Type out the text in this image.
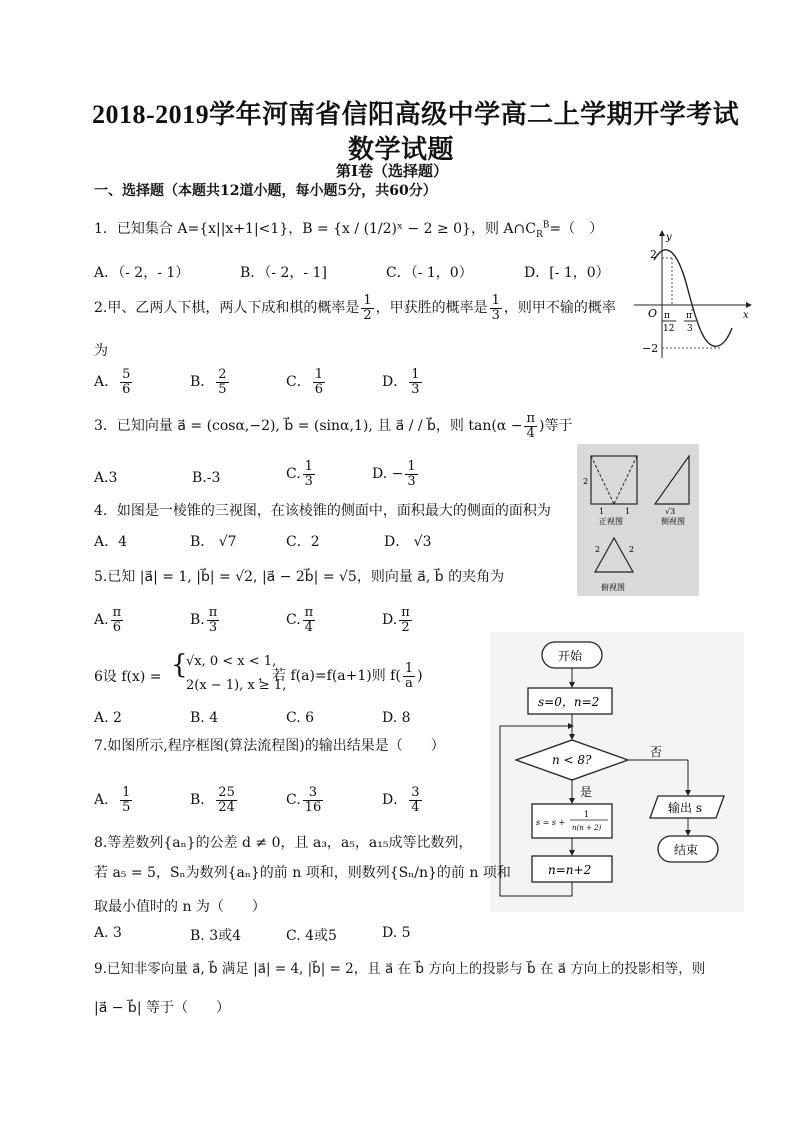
2018-2019学年河南省信阳高级中学高二上学期开学考试
数学试题
第I卷（选择题）
一、选择题（本题共12道小题，每小题5分，共60分）
1．已知集合 A={x||x+1|<1}，B = {x / (1/2)ˣ − 2 ≥ 0}，则 $A\cap C_R^B=$（　）
A．（- 2，- 1）	B．（- 2，- 1]	C．（- 1，0）	D．[- 1，0）
y
x
O
2
−2
π
12
π
3
2.甲、乙两人下棋，两人下成和棋的概率是 $\frac{1}{2}$ ，甲获胜的概率是 $\frac{1}{3}$ ，则甲不输的概率
为
A． $\frac{5}{6}$	B． $\frac{2}{5}$	C． $\frac{1}{6}$	D． $\frac{1}{3}$
3．已知向量 a⃗ = (cosα,−2), b⃗ = (sinα,1), 且 a⃗ / / b⃗，则 $\tan(\alpha - \frac{\pi}{4}$ )等于
A.3	B.-3	C. $\frac{1}{3}$	D. − $\frac{1}{3}$
4．如图是一棱锥的三视图，在该棱锥的侧面中，面积最大的侧面的面积为
A．4	B． √7	C．2	D． √3
2
1	1	√3
正视图	侧视图
2	2
俯视图
5.已知 |a⃗| = 1, |b⃗| = √2, |a⃗ − 2b⃗| = √5，则向量 a⃗, b⃗ 的夹角为
A. $\frac{\pi}{6}$	B. $\frac{\pi}{3}$	C. $\frac{\pi}{4}$	D. $\frac{\pi}{2}$
6设 f(x) = {
√x, 0 < x < 1,
2(x − 1), x ≥ 1,
，若 f(a)=f(a+1)则 $f( \frac{1}{a}$ )
A. 2	B. 4	C. 6	D. 8
7.如图所示,程序框图(算法流程图)的输出结果是（　　）
A． $\frac{1}{5}$	B． $\frac{25}{24}$	C. $\frac{3}{16}$	D． $\frac{3}{4}$
开始
s=0，n=2
n < 8?
否
输出 s
结束
是
s = s +
1
n(n + 2)
n=n+2
8.等差数列{aₙ}的公差 d ≠ 0，且 a₃，a₅，a₁₅成等比数列，
若 a₅ = 5，Sₙ为数列{aₙ}的前 n 项和，则数列{Sₙ/n}的前 n 项和
取最小值时的 n 为（　　）
A. 3	B. 3或4	C. 4或5	D. 5
9.已知非零向量 a⃗, b⃗ 满足 |a⃗| = 4, |b⃗| = 2，且 a⃗ 在 b⃗ 方向上的投影与 b⃗ 在 a⃗ 方向上的投影相等，则
|a⃗ − b⃗| 等于（　　）
